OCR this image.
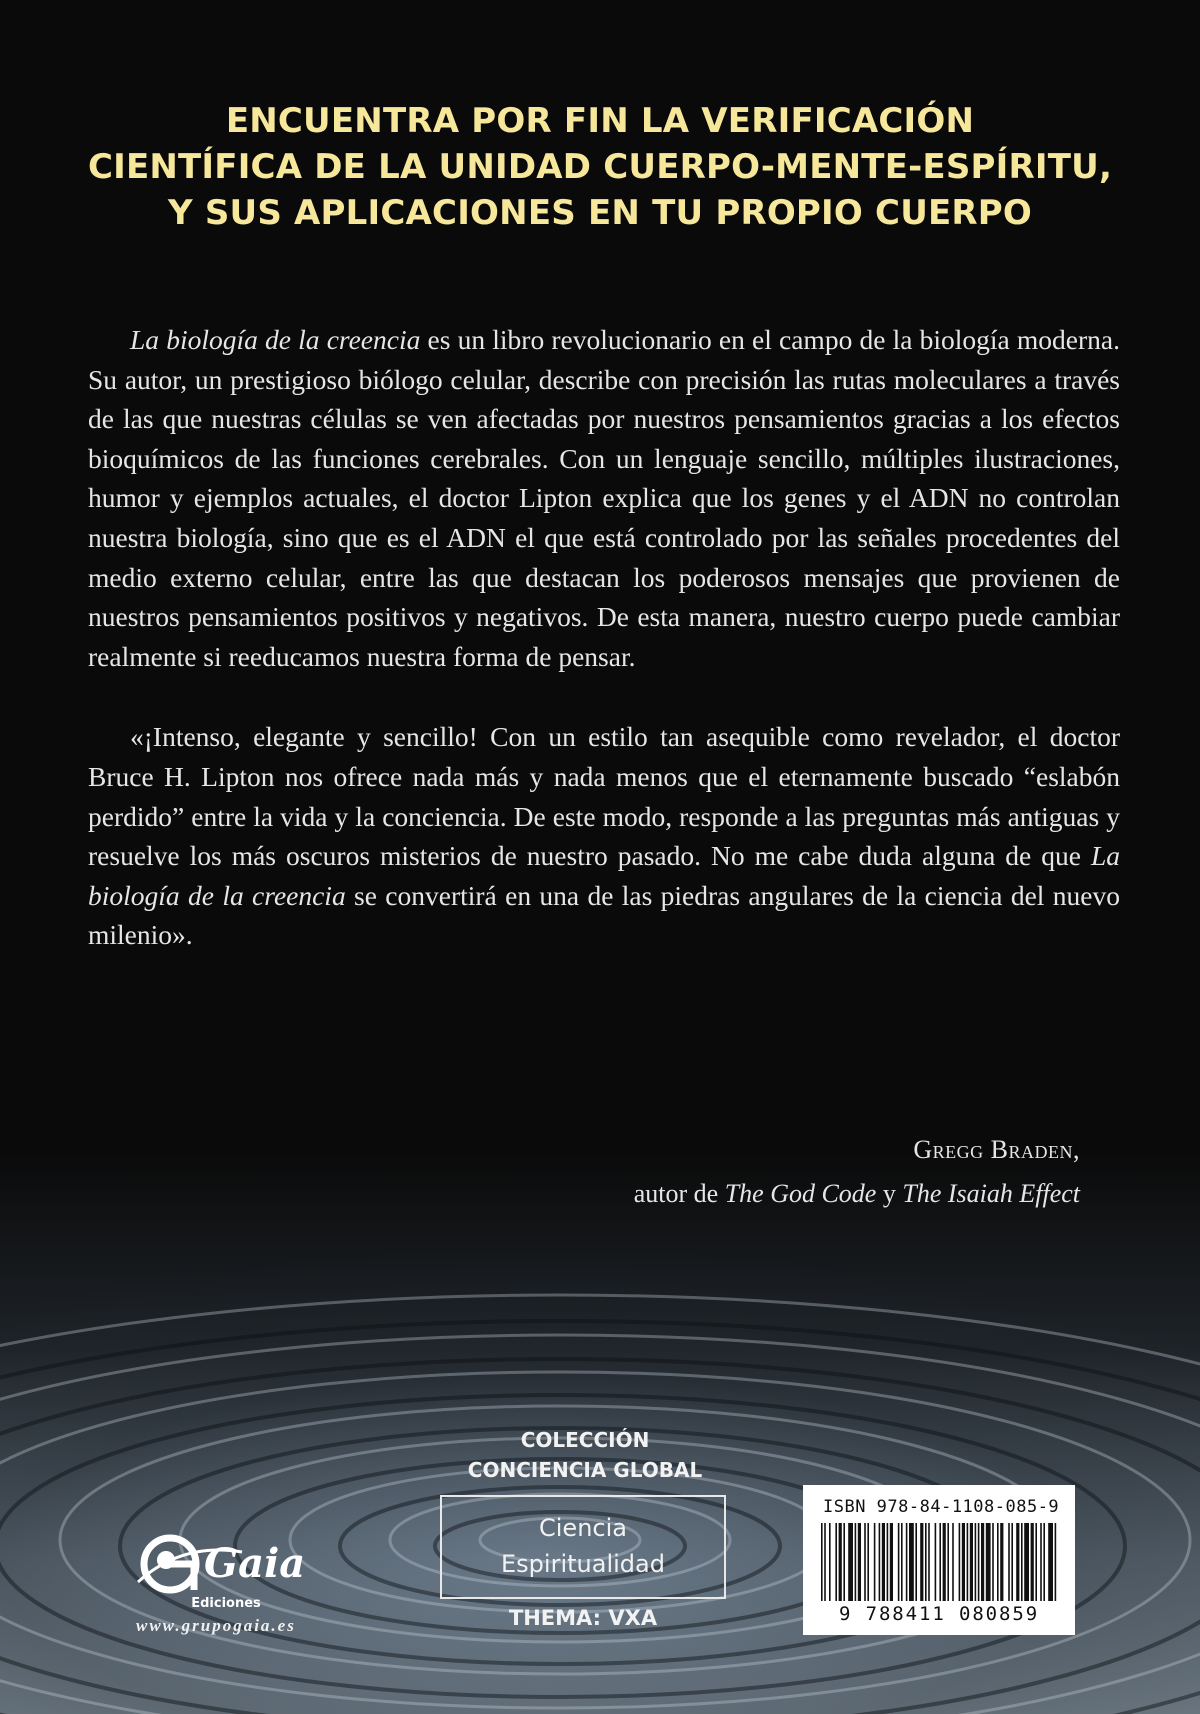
ENCUENTRA POR FIN LA VERIFICACIÓN
CIENTÍFICA DE LA UNIDAD CUERPO-MENTE-ESPÍRITU,
Y SUS APLICACIONES EN TU PROPIO CUERPO

La biología de la creencia es un libro revolucionario en el campo de la biología moderna. Su autor, un prestigioso biólogo celular, describe con precisión las rutas moleculares a través de las que nuestras células se ven afectadas por nuestros pensamientos gracias a los efectos bioquímicos de las funciones cerebrales. Con un lenguaje sencillo, múltiples ilustraciones, humor y ejemplos actuales, el doctor Lipton explica que los genes y el ADN no controlan nuestra biología, sino que es el ADN el que está controlado por las señales procedentes del medio externo celular, entre las que destacan los poderosos mensajes que provienen de nuestros pensamientos positivos y negativos. De esta manera, nuestro cuerpo puede cambiar realmente si reeducamos nuestra forma de pensar.

«¡Intenso, elegante y sencillo! Con un estilo tan asequible como revelador, el doctor Bruce H. Lipton nos ofrece nada más y nada menos que el eternamente buscado “eslabón perdido” entre la vida y la conciencia. De este modo, responde a las preguntas más antiguas y resuelve los más oscuros misterios de nuestro pasado. No me cabe duda alguna de que La biología de la creencia se convertirá en una de las piedras angulares de la ciencia del nuevo milenio».

Gregg Braden,
autor de The God Code y The Isaiah Effect
Gaia
Ediciones
www.grupogaia.es
COLECCIÓN
CONCIENCIA GLOBAL
Ciencia
Espiritualidad
THEMA: VXA
ISBN 978-84-1108-085-9
9 788411 080859
